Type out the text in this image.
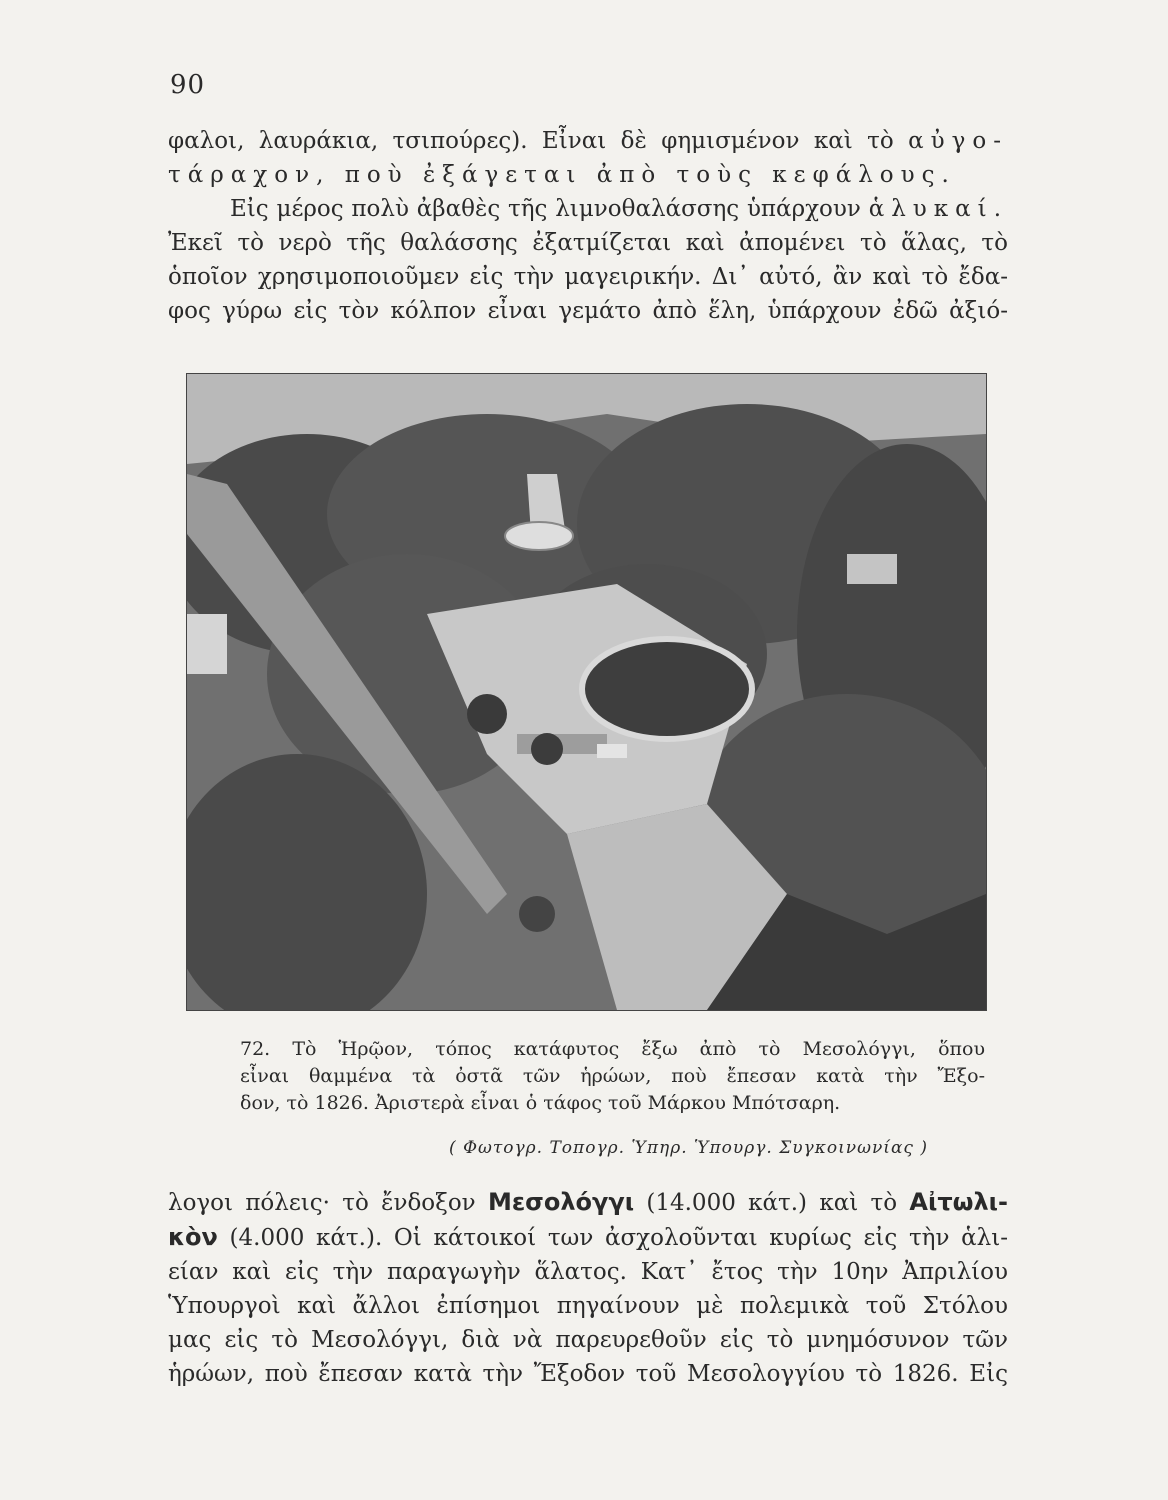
90
φαλοι, λαυράκια, τσιπούρες). Εἶναι δὲ φημισμένον καὶ τὸ αὐγο-
τάραχον, ποὺ ἐξάγεται ἀπὸ τοὺς κεφάλους.
Εἰς μέρος πολὺ ἀβαθὲς τῆς λιμνοθαλάσσης ὑπάρχουν ἁλυκαί.
Ἐκεῖ τὸ νερὸ τῆς θαλάσσης ἐξατμίζεται καὶ ἀπομένει τὸ ἅλας, τὸ
ὁποῖον χρησιμοποιοῦμεν εἰς τὴν μαγειρικήν. Δι᾿ αὐτό, ἂν καὶ τὸ ἔδα-
φος γύρω εἰς τὸν κόλπον εἶναι γεμάτο ἀπὸ ἕλη, ὑπάρχουν ἐδῶ ἀξιό-
72. Τὸ Ἡρῷον, τόπος κατάφυτος ἔξω ἀπὸ τὸ Μεσολόγγι, ὅπου
εἶναι θαμμένα τὰ ὀστᾶ τῶν ἡρώων, ποὺ ἔπεσαν κατὰ τὴν Ἔξο-
δον, τὸ 1826. Ἀριστερὰ εἶναι ὁ τάφος τοῦ Μάρκου Μπότσαρη.
( Φωτογρ. Τοπογρ. Ὑπηρ. Ὑπουργ. Συγκοινωνίας )
λογοι πόλεις· τὸ ἔνδοξον Μεσολόγγι (14.000 κάτ.) καὶ τὸ Αἰτωλι-
κὸν (4.000 κάτ.). Οἱ κάτοικοί των ἀσχολοῦνται κυρίως εἰς τὴν ἁλι-
είαν καὶ εἰς τὴν παραγωγὴν ἅλατος. Κατ᾿ ἔτος τὴν 10ην Ἀπριλίου
Ὑπουργοὶ καὶ ἄλλοι ἐπίσημοι πηγαίνουν μὲ πολεμικὰ τοῦ Στόλου
μας εἰς τὸ Μεσολόγγι, διὰ νὰ παρευρεθοῦν εἰς τὸ μνημόσυνον τῶν
ἡρώων, ποὺ ἔπεσαν κατὰ τὴν Ἔξοδον τοῦ Μεσολογγίου τὸ 1826. Εἰς
